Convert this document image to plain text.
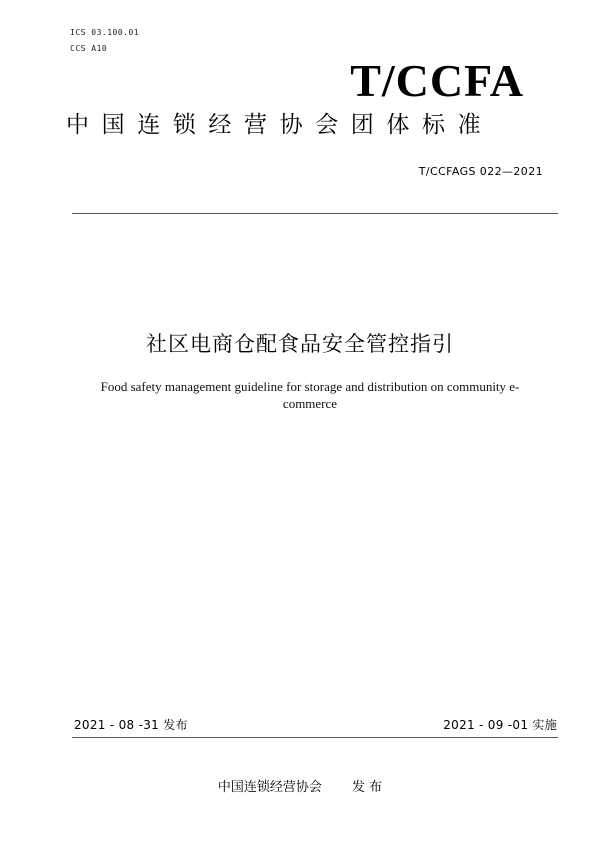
ICS 03.100.01
CCS A10
T/CCFA
中国连锁经营协会团体标准
T/CCFAGS 022—2021
社区电商仓配食品安全管控指引
Food safety management guideline for storage and distribution on community e-commerce
2021 - 08 -31 发布	2021 - 09 -01 实施
中国连锁经营协会 发 布
